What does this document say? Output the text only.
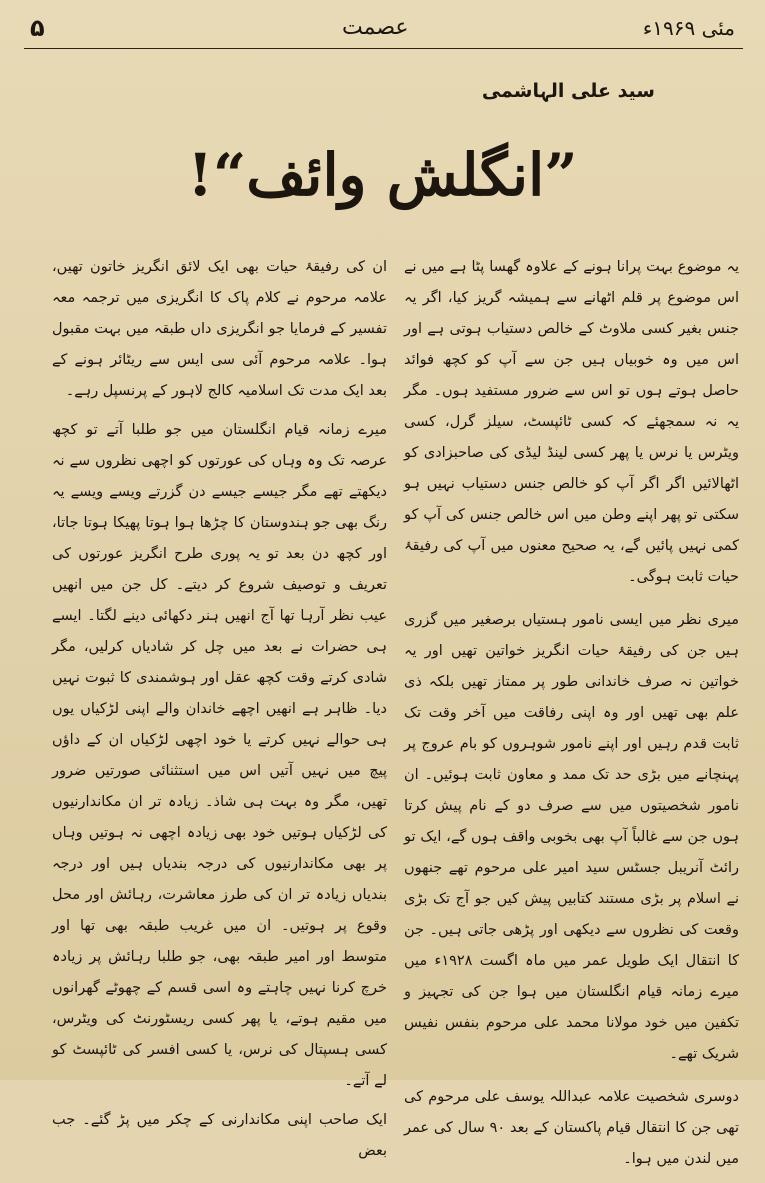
۵	عصمت	مئی ۱۹۶۹ء
سید علی الہاشمی
”انگلش وائف“!

یہ موضوع بہت پرانا ہونے کے علاوہ گھسا پٹا ہے میں نے اس موضوع پر قلم اٹھانے سے ہمیشہ گریز کیا، اگر یہ جنس بغیر کسی ملاوٹ کے خالص دستیاب ہوتی ہے اور اس میں وہ خوبیاں ہیں جن سے آپ کو کچھ فوائد حاصل ہوتے ہوں تو اس سے ضرور مستفید ہوں۔ مگر یہ نہ سمجھئے کہ کسی ٹائپسٹ، سیلز گرل، کسی ویٹرس یا نرس یا پھر کسی لینڈ لیڈی کی صاحبزادی کو اٹھالائیں اگر اگر آپ کو خالص جنس دستیاب نہیں ہو سکتی تو پھر اپنے وطن میں اس خالص جنس کی آپ کو کمی نہیں پائیں گے، یہ صحیح معنوں میں آپ کی رفیقۂ حیات ثابت ہوگی۔

میری نظر میں ایسی نامور ہستیاں برصغیر میں گزری ہیں جن کی رفیقۂ حیات انگریز خواتین تھیں اور یہ خواتین نہ صرف خاندانی طور پر ممتاز تھیں بلکہ ذی علم بھی تھیں اور وہ اپنی رفاقت میں آخر وقت تک ثابت قدم رہیں اور اپنے نامور شوہروں کو بام عروج پر پہنچانے میں بڑی حد تک ممد و معاون ثابت ہوئیں۔ ان نامور شخصیتوں میں سے صرف دو کے نام پیش کرتا ہوں جن سے غالباً آپ بھی بخوبی واقف ہوں گے، ایک تو رائٹ آنریبل جسٹس سید امیر علی مرحوم تھے جنھوں نے اسلام پر بڑی مستند کتابیں پیش کیں جو آج تک بڑی وقعت کی نظروں سے دیکھی اور پڑھی جاتی ہیں۔ جن کا انتقال ایک طویل عمر میں ماہ اگست ۱۹۲۸ء میں میرے زمانہ قیام انگلستان میں ہوا جن کی تجہیز و تکفین میں خود مولانا محمد علی مرحوم بنفس نفیس شریک تھے۔

دوسری شخصیت علامہ عبداللہ یوسف علی مرحوم کی تھی جن کا انتقال قیام پاکستان کے بعد ۹۰ سال کی عمر میں لندن میں ہوا۔

ان کی رفیقۂ حیات بھی ایک لائق انگریز خاتون تھیں، علامہ مرحوم نے کلام پاک کا انگریزی میں ترجمہ معہ تفسیر کے فرمایا جو انگریزی داں طبقہ میں بہت مقبول ہوا۔ علامہ مرحوم آئی سی ایس سے ریٹائر ہونے کے بعد ایک مدت تک اسلامیہ کالج لاہور کے پرنسپل رہے۔

میرے زمانہ قیام انگلستان میں جو طلبا آتے تو کچھ عرصہ تک وہ وہاں کی عورتوں کو اچھی نظروں سے نہ دیکھتے تھے مگر جیسے جیسے دن گزرتے ویسے ویسے یہ رنگ بھی جو ہندوستان کا چڑھا ہوا ہوتا پھیکا ہوتا جاتا، اور کچھ دن بعد تو یہ پوری طرح انگریز عورتوں کی تعریف و توصیف شروع کر دیتے۔ کل جن میں انھیں عیب نظر آرہا تھا آج انھیں ہنر دکھائی دینے لگتا۔ ایسے ہی حضرات نے بعد میں چل کر شادیاں کرلیں، مگر شادی کرتے وقت کچھ عقل اور ہوشمندی کا ثبوت نہیں دیا۔ ظاہر ہے انھیں اچھے خاندان والے اپنی لڑکیاں یوں ہی حوالے نہیں کرتے یا خود اچھی لڑکیاں ان کے داؤں پیچ میں نہیں آتیں اس میں استثنائی صورتیں ضرور تھیں، مگر وہ بہت ہی شاذ۔ زیادہ تر ان مکاندارنیوں کی لڑکیاں ہوتیں خود بھی زیادہ اچھی نہ ہوتیں وہاں پر بھی مکاندارنیوں کی درجہ بندیاں ہیں اور درجہ بندیاں زیادہ تر ان کی طرز معاشرت، رہائش اور محل وقوع پر ہوتیں۔ ان میں غریب طبقہ بھی تھا اور متوسط اور امیر طبقہ بھی، جو طلبا رہائش پر زیادہ خرچ کرنا نہیں چاہتے وہ اسی قسم کے چھوٹے گھرانوں میں مقیم ہوتے، یا پھر کسی ریسٹورنٹ کی ویٹرس، کسی ہسپتال کی نرس، یا کسی افسر کی ٹائپسٹ کو لے آتے۔

ایک صاحب اپنی مکاندارنی کے چکر میں پڑ گئے۔ جب بعض
